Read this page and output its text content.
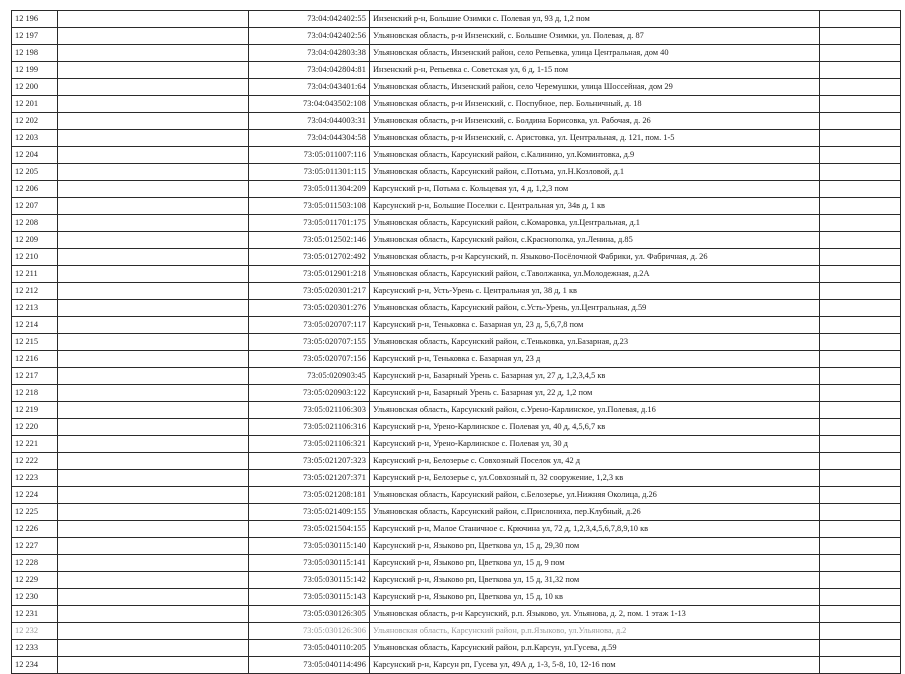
12 196		73:04:042402:55	Инзенский р-н, Большие Озимки с. Полевая ул, 93 д, 1,2 пом	
12 197		73:04:042402:56	Ульяновская область, р-н Инзенский, с. Большие Озимки, ул. Полевая, д. 87	
12 198		73:04:042803:38	Ульяновская область, Инзенский район, село Репьевка, улица Центральная, дом 40	
12 199		73:04:042804:81	Инзенский р-н, Репьевка с. Советская ул, 6 д, 1-15 пом	
12 200		73:04:043401:64	Ульяновская область, Инзенский район, село Черемушки, улица Шоссейная, дом 29	
12 201		73:04:043502:108	Ульяновская область, р-н Инзенский, с. Поспубное, пер. Больничный, д. 18	
12 202		73:04:044003:31	Ульяновская область, р-н Инзенский, с. Болдина Борисовка, ул. Рабочая, д. 26	
12 203		73:04:044304:58	Ульяновская область, р-н Инзенский, с. Аристовка, ул. Центральная, д. 121, пом. 1-5	
12 204		73:05:011007:116	Ульяновская область, Карсунский район, с.Калинино, ул.Коминтовка, д.9	
12 205		73:05:011301:115	Ульяновская область, Карсунский район, с.Потьма, ул.Н.Козловой, д.1	
12 206		73:05:011304:209	Карсунский р-н, Потьма с. Кольцевая ул, 4 д, 1,2,3 пом	
12 207		73:05:011503:108	Карсунский р-н, Большие Поселки с. Центральная ул, 34в д, 1 кв	
12 208		73:05:011701:175	Ульяновская область, Карсунский район, с.Комаровка, ул.Центральная, д.1	
12 209		73:05:012502:146	Ульяновская область, Карсунский район, с.Краснополка, ул.Ленина, д.85	
12 210		73:05:012702:492	Ульяновская область, р-н Карсунский, п. Языково-Посёлочной Фабрики, ул. Фабричная, д. 26	
12 211		73:05:012901:218	Ульяновская область, Карсунский район, с.Таволжанка, ул.Молодежная, д.2А	
12 212		73:05:020301:217	Карсунский р-н, Усть-Урень с. Центральная ул, 38 д, 1 кв	
12 213		73:05:020301:276	Ульяновская область, Карсунский район, с.Усть-Урень, ул.Центральная, д.59	
12 214		73:05:020707:117	Карсунский р-н, Теньковка с. Базарная ул, 23 д, 5,6,7,8 пом	
12 215		73:05:020707:155	Ульяновская область, Карсунский район, с.Теньковка, ул.Базарная, д.23	
12 216		73:05:020707:156	Карсунский р-н, Теньковка с. Базарная ул, 23 д	
12 217		73:05:020903:45	Карсунский р-н, Базарный Урень с. Базарная ул, 27 д, 1,2,3,4,5 кв	
12 218		73:05:020903:122	Карсунский р-н, Базарный Урень с. Базарная ул, 22 д, 1,2 пом	
12 219		73:05:021106:303	Ульяновская область, Карсунский район, с.Урено-Карлинское, ул.Полевая, д.16	
12 220		73:05:021106:316	Карсунский р-н, Урено-Карлинское с. Полевая ул, 40 д, 4,5,6,7 кв	
12 221		73:05:021106:321	Карсунский р-н, Урено-Карлинское с. Полевая ул, 30 д	
12 222		73:05:021207:323	Карсунский р-н, Белозерье с. Совхозный Поселок ул, 42 д	
12 223		73:05:021207:371	Карсунский р-н, Белозерье с, ул.Совхозный п, 32 сооружение, 1,2,3 кв	
12 224		73:05:021208:181	Ульяновская область, Карсунский район, с.Белозерье, ул.Нижняя Околица, д.26	
12 225		73:05:021409:155	Ульяновская область, Карсунский район, с.Прислониха, пер.Клубный, д.26	
12 226		73:05:021504:155	Карсунский р-н, Малое Станичное с. Крючина ул, 72 д, 1,2,3,4,5,6,7,8,9,10 кв	
12 227		73:05:030115:140	Карсунский р-н, Языково рп, Цветкова ул, 15 д, 29,30 пом	
12 228		73:05:030115:141	Карсунский р-н, Языково рп, Цветкова ул, 15 д, 9 пом	
12 229		73:05:030115:142	Карсунский р-н, Языково рп, Цветкова ул, 15 д, 31,32 пом	
12 230		73:05:030115:143	Карсунский р-н, Языково рп, Цветкова ул, 15 д, 10 кв	
12 231		73:05:030126:305	Ульяновская область, р-н Карсунский, р.п. Языково, ул. Ульянова, д. 2, пом. 1 этаж 1-13	
12 232		73:05:030126:306	Ульяновская область, Карсунский район, р.п.Языково, ул.Ульянова, д.2	
12 233		73:05:040110:205	Ульяновская область, Карсунский район, р.п.Карсун, ул.Гусева, д.59	
12 234		73:05:040114:496	Карсунский р-н, Карсун рп, Гусева ул, 49А д, 1-3, 5-8, 10, 12-16 пом	
